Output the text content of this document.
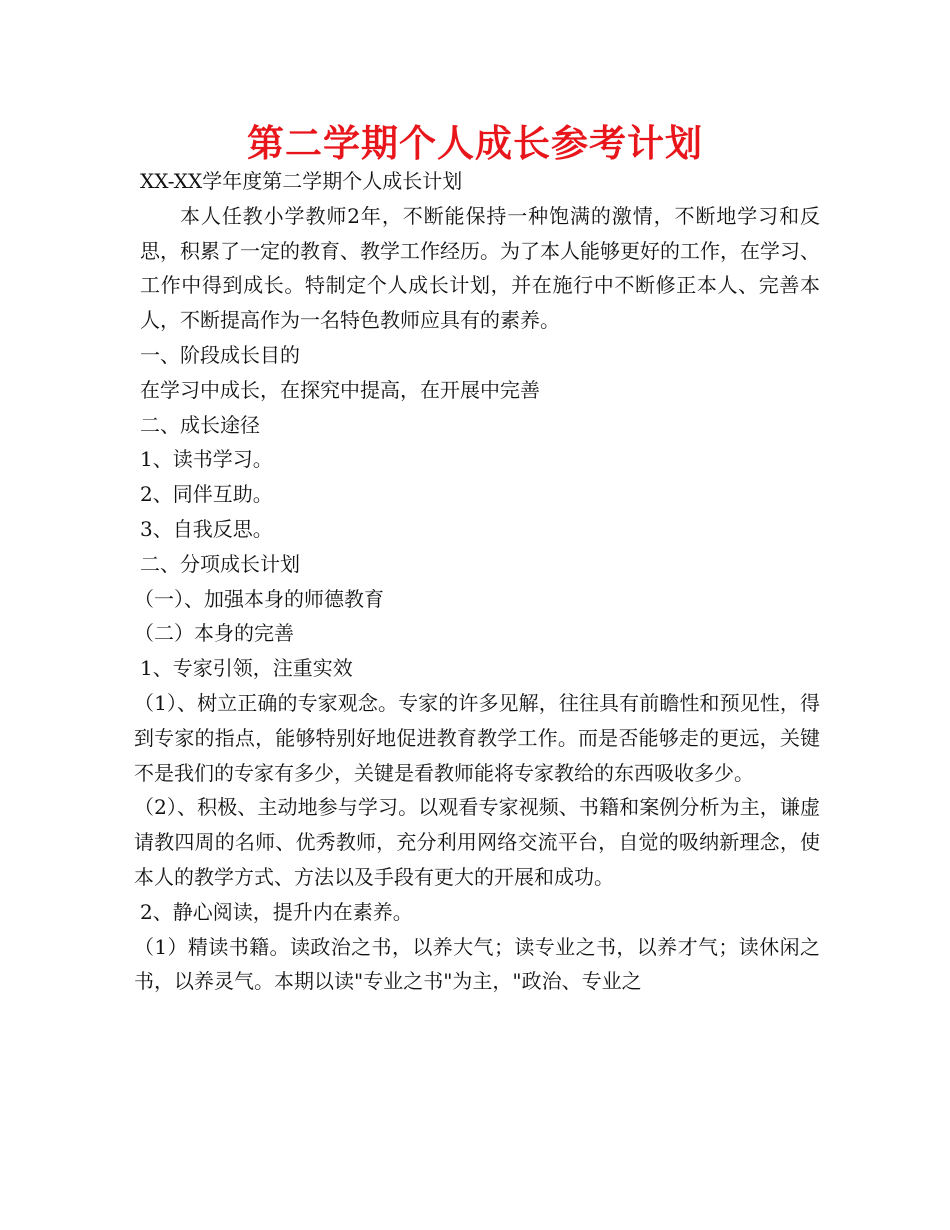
第二学期个人成长参考计划

XX-XX学年度第二学期个人成长计划

本人任教小学教师2年，不断能保持一种饱满的激情，不断地学习和反思，积累了一定的教育、教学工作经历。为了本人能够更好的工作，在学习、工作中得到成长。特制定个人成长计划，并在施行中不断修正本人、完善本人，不断提高作为一名特色教师应具有的素养。

一、阶段成长目的

在学习中成长，在探究中提高，在开展中完善

二、成长途径

1、读书学习。

2、同伴互助。

3、自我反思。

二、分项成长计划

（一）、加强本身的师德教育

（二）本身的完善

1、专家引领，注重实效

（1）、树立正确的专家观念。专家的许多见解，往往具有前瞻性和预见性，得到专家的指点，能够特别好地促进教育教学工作。而是否能够走的更远，关键不是我们的专家有多少，关键是看教师能将专家教给的东西吸收多少。

（2）、积极、主动地参与学习。以观看专家视频、书籍和案例分析为主，谦虚请教四周的名师、优秀教师，充分利用网络交流平台，自觉的吸纳新理念，使本人的教学方式、方法以及手段有更大的开展和成功。

2、静心阅读，提升内在素养。

（1）精读书籍。读政治之书，以养大气；读专业之书，以养才气；读休闲之书，以养灵气。本期以读"专业之书"为主，"政治、专业之
